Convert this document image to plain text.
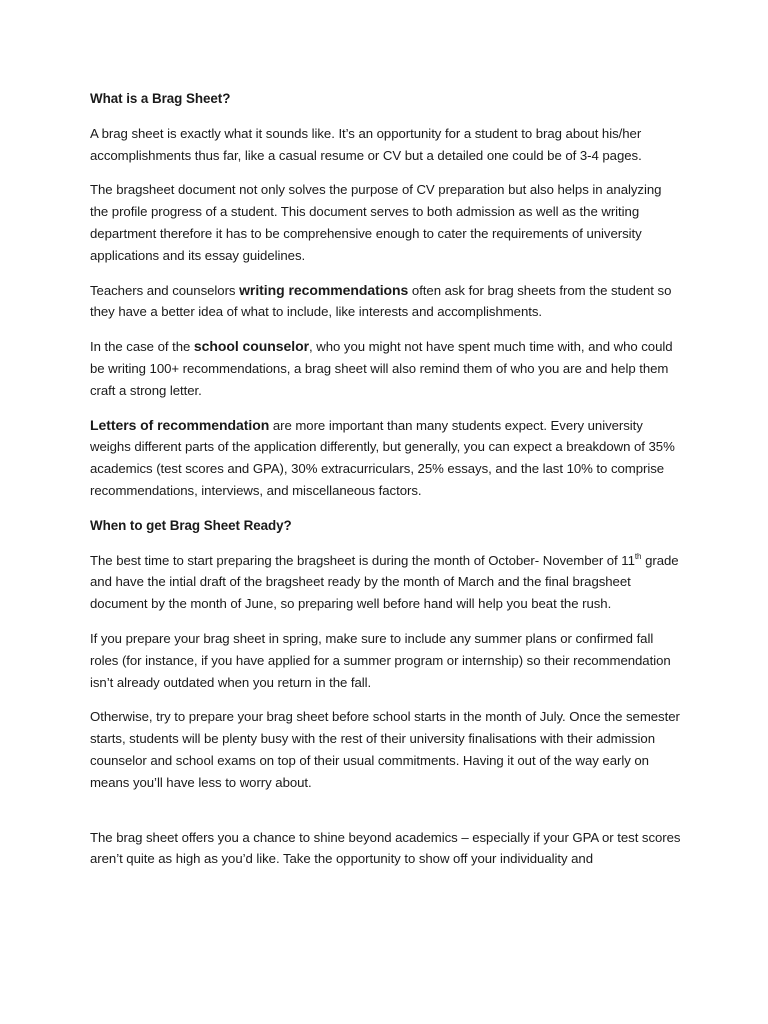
What is a Brag Sheet?

A brag sheet is exactly what it sounds like. It’s an opportunity for a student to brag about his/her accomplishments thus far, like a casual resume or CV but a detailed one could be of 3-4 pages.

The bragsheet document not only solves the purpose of CV preparation but also helps in analyzing the profile progress of a student. This document serves to both admission as well as the writing department therefore it has to be comprehensive enough to cater the requirements of university applications and its essay guidelines.

Teachers and counselors writing recommendations often ask for brag sheets from the student so they have a better idea of what to include, like interests and accomplishments.

In the case of the school counselor, who you might not have spent much time with, and who could be writing 100+ recommendations, a brag sheet will also remind them of who you are and help them craft a strong letter.

Letters of recommendation are more important than many students expect. Every university weighs different parts of the application differently, but generally, you can expect a breakdown of 35% academics (test scores and GPA), 30% extracurriculars, 25% essays, and the last 10% to comprise recommendations, interviews, and miscellaneous factors.

When to get Brag Sheet Ready?

The best time to start preparing the bragsheet is during the month of October- November of 11th grade and have the intial draft of the bragsheet ready by the month of March and the final bragsheet document by the month of June, so preparing well before hand will help you beat the rush.

If you prepare your brag sheet in spring, make sure to include any summer plans or confirmed fall roles (for instance, if you have applied for a summer program or internship) so their recommendation isn’t already outdated when you return in the fall.

Otherwise, try to prepare your brag sheet before school starts in the month of July. Once the semester starts, students will be plenty busy with the rest of their university finalisations with their admission counselor and school exams on top of their usual commitments. Having it out of the way early on means you’ll have less to worry about.

The brag sheet offers you a chance to shine beyond academics – especially if your GPA or test scores aren’t quite as high as you’d like. Take the opportunity to show off your individuality and
